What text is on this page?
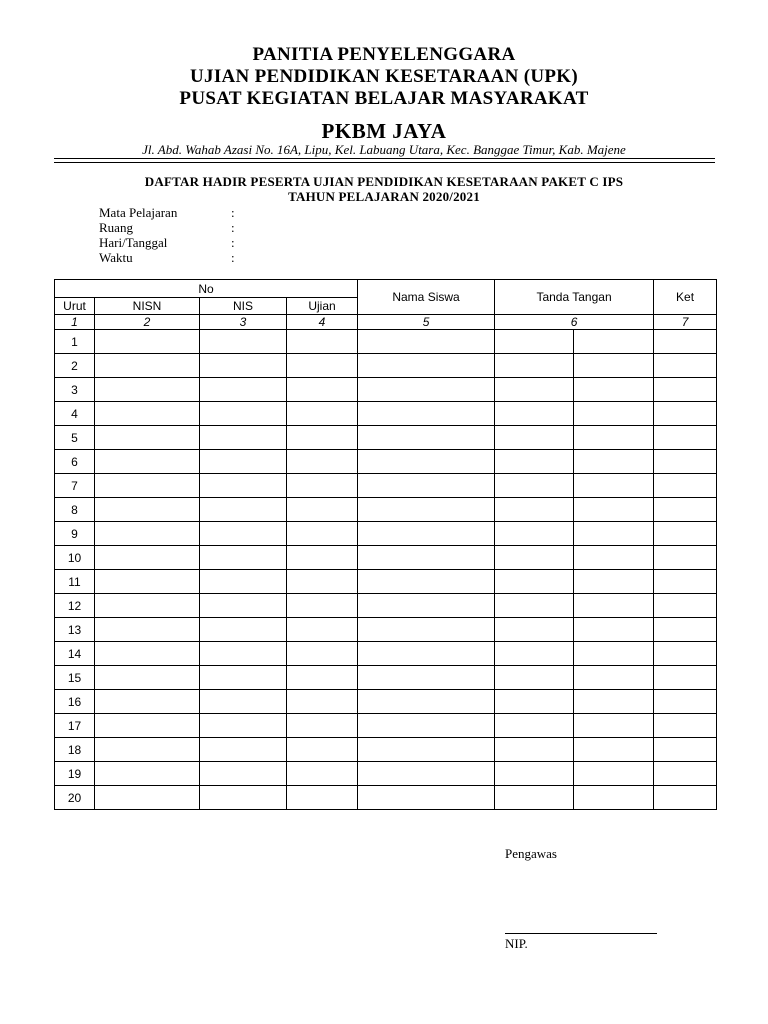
PANITIA PENYELENGGARA
UJIAN PENDIDIKAN KESETARAAN (UPK)
PUSAT KEGIATAN BELAJAR MASYARAKAT
PKBM JAYA
Jl. Abd. Wahab Azasi No. 16A, Lipu, Kel. Labuang Utara, Kec. Banggae Timur, Kab. Majene
DAFTAR HADIR PESERTA UJIAN PENDIDIKAN KESETARAAN PAKET C IPS
TAHUN PELAJARAN 2020/2021
Mata Pelajaran	:
Ruang	:
Hari/Tanggal	:
Waktu	:
No				Nama Siswa	Tanda Tangan		Ket
Urut	NISN	NIS	Ujian				
1	2	3	4	5	6		7
1							
2							
3							
4							
5							
6							
7							
8							
9							
10							
11							
12							
13							
14							
15							
16							
17							
18							
19							
20							
Pengawas
NIP.
